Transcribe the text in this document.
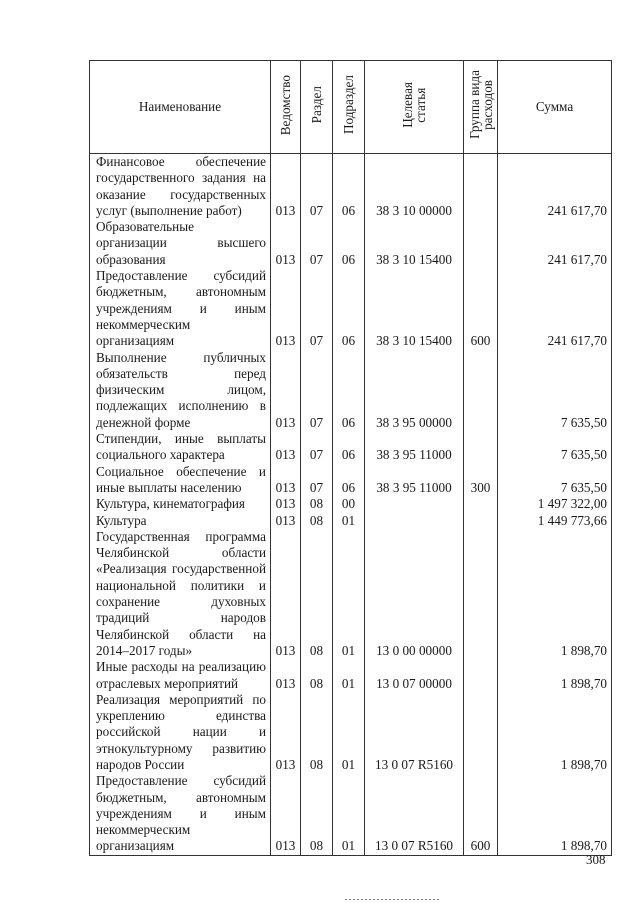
Наименование	Ведомство	Раздел	Подраздел	Целевая
статья	Группа вида
расходов	Сумма
Финансовое обеспечение государственного задания на оказание государственных услуг (выполнение работ)	013	07	06	38 3 10 00000		241 617,70
Образовательные организации высшего образования	013	07	06	38 3 10 15400		241 617,70
Предоставление субсидий бюджетным, автономным учреждениям и иным некоммерческим организациям	013	07	06	38 3 10 15400	600	241 617,70
Выполнение публичных обязательств перед физическим лицом, подлежащих исполнению в денежной форме	013	07	06	38 3 95 00000		7 635,50
Стипендии, иные выплаты социального характера	013	07	06	38 3 95 11000		7 635,50
Социальное обеспечение и иные выплаты населению	013	07	06	38 3 95 11000	300	7 635,50
Культура, кинематография	013	08	00			1 497 322,00
Культура	013	08	01			1 449 773,66
Государственная программа Челябинской области «Реализация государственной национальной политики и сохранение духовных традиций народов Челябинской области на 2014–2017 годы»	013	08	01	13 0 00 00000		1 898,70
Иные расходы на реализацию отраслевых мероприятий	013	08	01	13 0 07 00000		1 898,70
Реализация мероприятий по укреплению единства российской нации и этнокультурному развитию народов России	013	08	01	13 0 07 R5160		1 898,70
Предоставление субсидий бюджетным, автономным учреждениям и иным некоммерческим организациям	013	08	01	13 0 07 R5160	600	1 898,70
308
